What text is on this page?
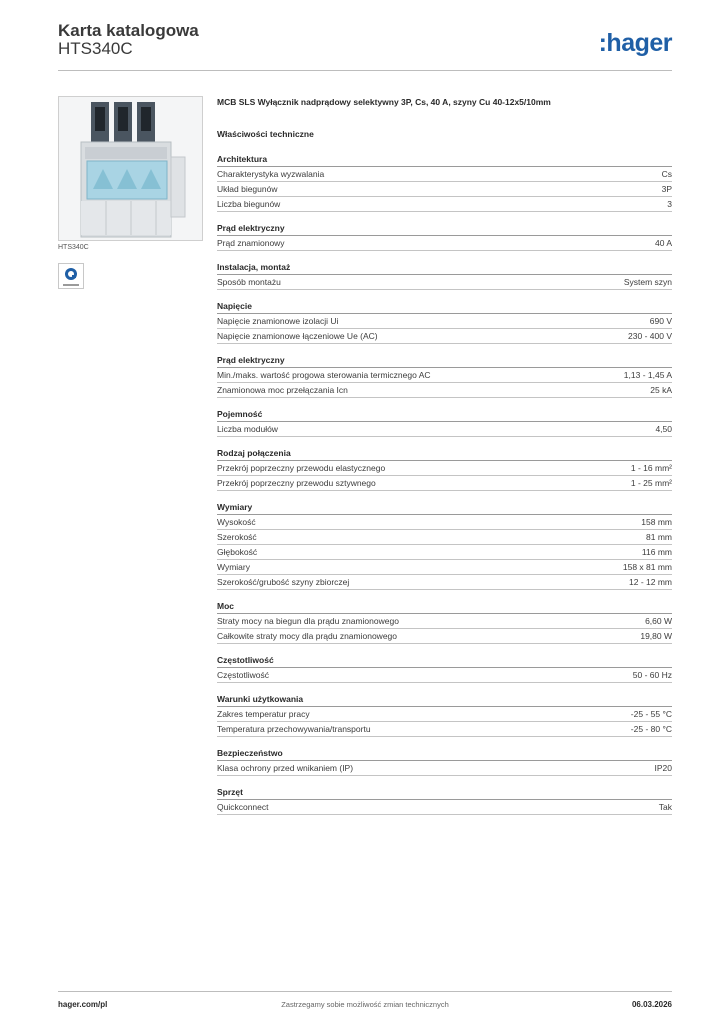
Karta katalogowa
HTS340C	:hager
HTS340C
MCB SLS Wyłącznik nadprądowy selektywny 3P, Cs, 40 A, szyny Cu 40-12x5/10mm
Właściwości techniczne
Architektura
Charakterystyka wyzwalania	Cs
Układ biegunów	3P
Liczba biegunów	3
Prąd elektryczny
Prąd znamionowy	40 A
Instalacja, montaż
Sposób montażu	System szyn
Napięcie
Napięcie znamionowe izolacji Ui	690 V
Napięcie znamionowe łączeniowe Ue (AC)	230 - 400 V
Prąd elektryczny
Min./maks. wartość progowa sterowania termicznego AC	1,13 - 1,45 A
Znamionowa moc przełączania Icn	25 kA
Pojemność
Liczba modułów	4,50
Rodzaj połączenia
Przekrój poprzeczny przewodu elastycznego	1 - 16 mm²
Przekrój poprzeczny przewodu sztywnego	1 - 25 mm²
Wymiary
Wysokość	158 mm
Szerokość	81 mm
Głębokość	116 mm
Wymiary	158 x 81 mm
Szerokość/grubość szyny zbiorczej	12 - 12 mm
Moc
Straty mocy na biegun dla prądu znamionowego	6,60 W
Całkowite straty mocy dla prądu znamionowego	19,80 W
Częstotliwość
Częstotliwość	50 - 60 Hz
Warunki użytkowania
Zakres temperatur pracy	-25 - 55 °C
Temperatura przechowywania/transportu	-25 - 80 °C
Bezpieczeństwo
Klasa ochrony przed wnikaniem (IP)	IP20
Sprzęt
Quickconnect	Tak
hager.com/pl	Zastrzegamy sobie możliwość zmian technicznych	06.03.2026
